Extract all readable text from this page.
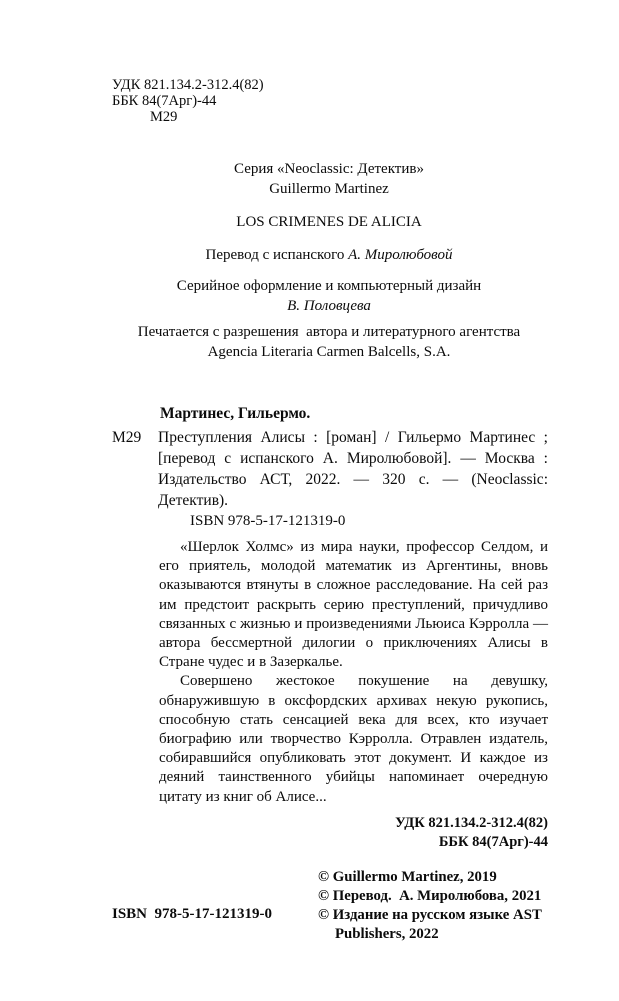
УДК 821.134.2-312.4(82)
ББК 84(7Арг)-44
М29
Серия «Neoclassic: Детектив»
Guillermo Martinez
LOS CRIMENES DE ALICIA
Перевод с испанского А. Миролюбовой
Серийное оформление и компьютерный дизайн
В. Половцева
Печатается с разрешения  автора и литературного агентства
Agencia Literaria Carmen Balcells, S.A.
Мартинес, Гильермо.
М29 Преступления Алисы : [роман] / Гильермо Мартинес ; [перевод с испанского А. Миролюбовой]. — Москва : Издательство АСТ, 2022. — 320 с. — (Neoclassic: Детектив).
ISBN 978-5-17-121319-0

«Шерлок Холмс» из мира науки, профессор Селдом, и его приятель, молодой математик из Аргентины, вновь оказываются втянуты в сложное расследование. На сей раз им предстоит раскрыть серию преступлений, причудливо связанных с жизнью и произведениями Льюиса Кэрролла — автора бессмертной дилогии о приключениях Алисы в Стране чудес и в Зазеркалье.

Совершено жестокое покушение на девушку, обнаружившую в оксфордских архивах некую рукопись, способную стать сенсацией века для всех, кто изучает биографию или творчество Кэрролла. Отравлен издатель, собиравшийся опубликовать этот документ. И каждое из деяний таинственного убийцы напоминает очередную цитату из книг об Алисе...

УДК 821.134.2-312.4(82)
ББК 84(7Арг)-44
ISBN  978-5-17-121319-0
© Guillermo Martinez, 2019
© Перевод.  А. Миролюбова, 2021
© Издание на русском языке AST Publishers, 2022
